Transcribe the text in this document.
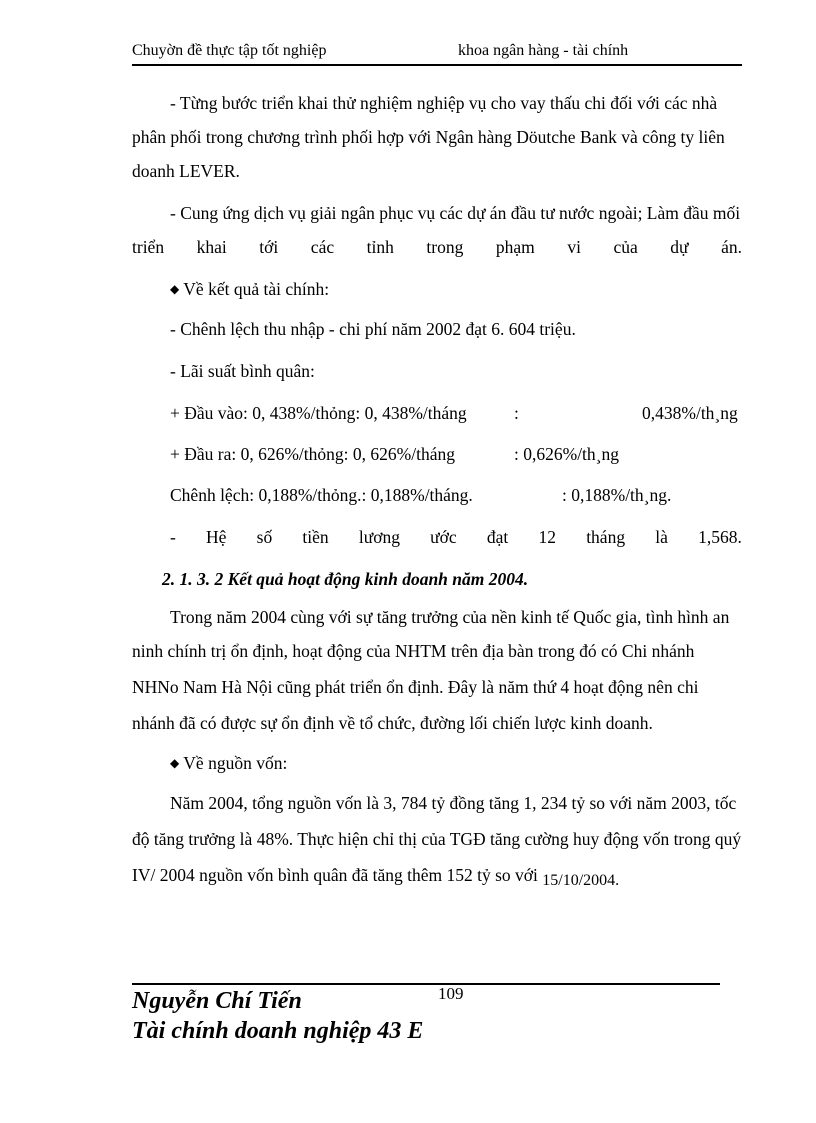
Chuyờn đề thực tập tốt nghiệp	khoa ngân hàng - tài chính
- Từng bước triển khai thử nghiệm nghiệp vụ cho vay thấu chi đối với các nhà
phân phối trong chương trình phối hợp với Ngân hàng Döutche Bank và công ty liên
doanh LEVER.
- Cung ứng dịch vụ giải ngân phục vụ các dự án đầu tư nước ngoài; Làm đầu mối
triển khai tới các tỉnh trong phạm vi của dự án.
◆ Về kết quả tài chính:
- Chênh lệch thu nhập - chi phí năm 2002 đạt 6. 604 triệu.
- Lãi suất bình quân:
+ Đầu vào: 0, 438%/thỏng: 0, 438%/tháng	:	0,438%/th¸ng
+ Đầu ra: 0, 626%/thỏng: 0, 626%/tháng	: 0,626%/th¸ng
Chênh lệch: 0,188%/thỏng.: 0,188%/tháng.	: 0,188%/th¸ng.
- Hệ số tiền lương ước đạt 12 tháng là 1,568.
2. 1. 3. 2 Kết quả hoạt động kinh doanh năm 2004.
Trong năm 2004 cùng với sự tăng trưởng của nền kinh tế Quốc gia, tình hình an
ninh chính trị ổn định, hoạt động của NHTM trên địa bàn trong đó có Chi nhánh
NHNo Nam Hà Nội cũng phát triển ổn định. Đây là năm thứ 4 hoạt động nên chi
nhánh đã có được sự ổn định về tổ chức, đường lối chiến lược kinh doanh.
◆ Về nguồn vốn:
Năm 2004, tổng nguồn vốn là 3, 784 tỷ đồng tăng 1, 234 tỷ so với năm 2003, tốc
độ tăng trưởng là 48%. Thực hiện chỉ thị của TGĐ tăng cường huy động vốn trong quý
IV/ 2004 nguồn vốn bình quân đã tăng thêm 152 tỷ so với 15/10/2004.
109
Nguyễn Chí Tiến
Tài chính doanh nghiệp 43 E
